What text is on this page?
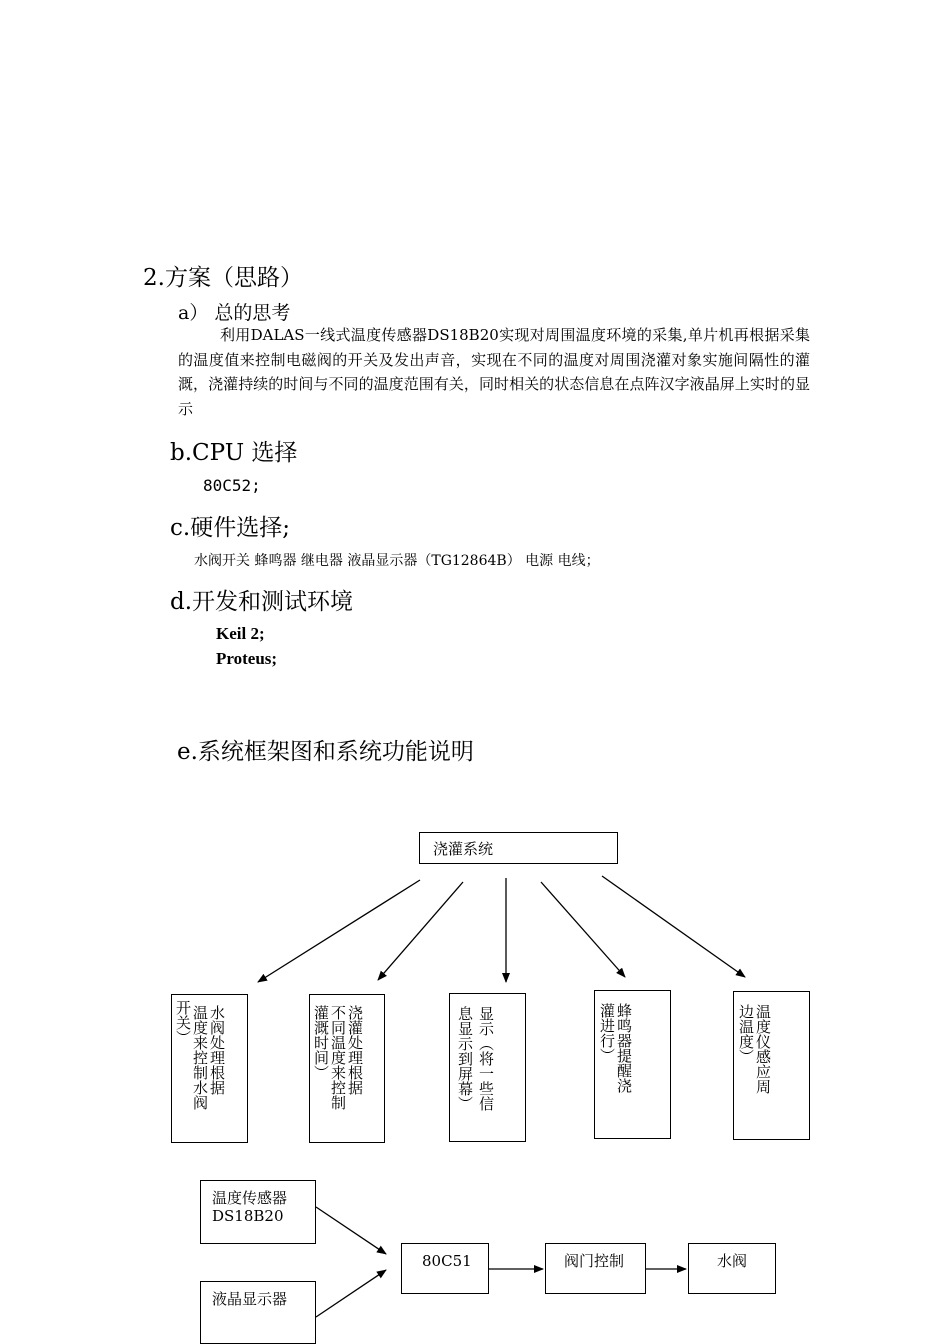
2.方案（思路）
a） 总的思考
利用DALAS一线式温度传感器DS18B20实现对周围温度环境的采集,单片机再根据采集的温度值来控制电磁阀的开关及发出声音，实现在不同的温度对周围浇灌对象实施间隔性的灌溉，浇灌持续的时间与不同的温度范围有关，同时相关的状态信息在点阵汉字液晶屏上实时的显示
b.CPU 选择
80C52;
c.硬件选择;
水阀开关 蜂鸣器 继电器 液晶显示器（TG12864B） 电源 电线；
d.开发和测试环境
Keil 2;
Proteus;
e.系统框架图和系统功能说明
浇灌系统
开关） 温度来控制水阀 水阀处理根据	灌溉时间） 不同温度来控制 浇灌处理根据	息显示到屏幕） 显示（将一些信	灌进行） 蜂鸣器提醒浇	边温度） 温度仪感应周
温度传感器
DS18B20
液晶显示器
80C51	阀门控制	水阀
